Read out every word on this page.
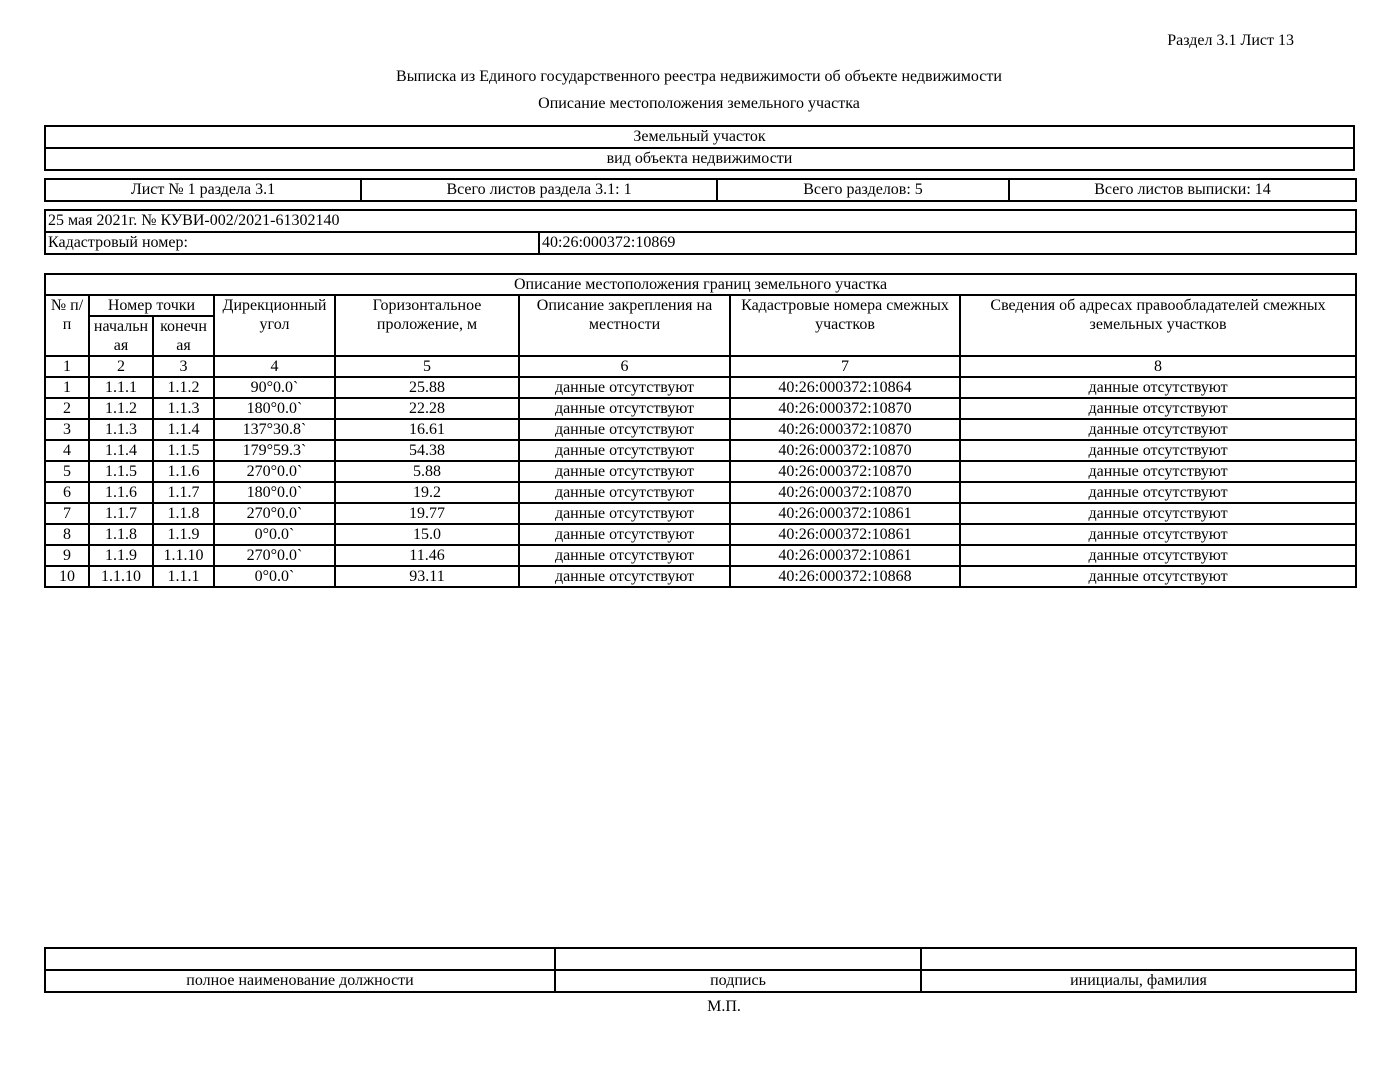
Раздел 3.1 Лист 13
Выписка из Единого государственного реестра недвижимости об объекте недвижимости
Описание местоположения земельного участка
Земельный участок
вид объекта недвижимости
Лист № 1 раздела 3.1	Всего листов раздела 3.1: 1	Всего разделов: 5	Всего листов выписки: 14
25 мая 2021г. № КУВИ-002/2021-61302140
Кадастровый номер:	40:26:000372:10869
Описание местоположения границ земельного участка							
№ п/п	Номер точки		Дирекционный угол	Горизонтальное проложение, м	Описание закрепления на местности	Кадастровые номера смежных участков	Сведения об адресах правообладателей смежных земельных участков
	начальн ая	конечн ая					
1	2	3	4	5	6	7	8
1	1.1.1	1.1.2	90°0.0`	25.88	данные отсутствуют	40:26:000372:10864	данные отсутствуют
2	1.1.2	1.1.3	180°0.0`	22.28	данные отсутствуют	40:26:000372:10870	данные отсутствуют
3	1.1.3	1.1.4	137°30.8`	16.61	данные отсутствуют	40:26:000372:10870	данные отсутствуют
4	1.1.4	1.1.5	179°59.3`	54.38	данные отсутствуют	40:26:000372:10870	данные отсутствуют
5	1.1.5	1.1.6	270°0.0`	5.88	данные отсутствуют	40:26:000372:10870	данные отсутствуют
6	1.1.6	1.1.7	180°0.0`	19.2	данные отсутствуют	40:26:000372:10870	данные отсутствуют
7	1.1.7	1.1.8	270°0.0`	19.77	данные отсутствуют	40:26:000372:10861	данные отсутствуют
8	1.1.8	1.1.9	0°0.0`	15.0	данные отсутствуют	40:26:000372:10861	данные отсутствуют
9	1.1.9	1.1.10	270°0.0`	11.46	данные отсутствуют	40:26:000372:10861	данные отсутствуют
10	1.1.10	1.1.1	0°0.0`	93.11	данные отсутствуют	40:26:000372:10868	данные отсутствуют

полное наименование должности	подпись	инициалы, фамилия
М.П.
